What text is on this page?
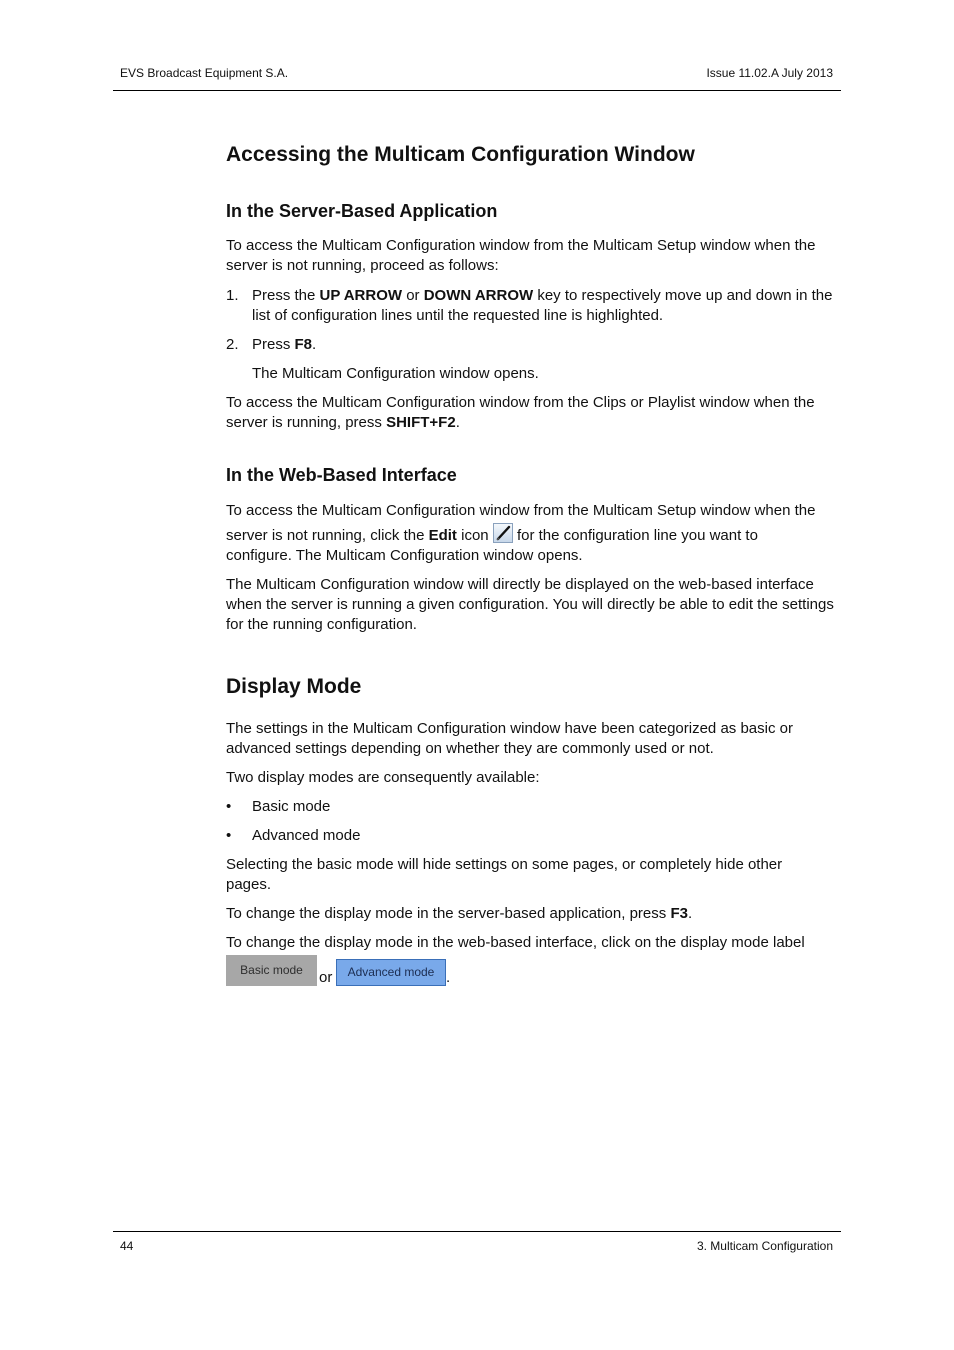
EVS Broadcast Equipment S.A.	Issue 11.02.A July 2013
Accessing the Multicam Configuration Window
In the Server-Based Application

To access the Multicam Configuration window from the Multicam Setup window when the server is not running, proceed as follows:

1. Press the UP ARROW or DOWN ARROW key to respectively move up and down in the list of configuration lines until the requested line is highlighted.

2. Press F8.

The Multicam Configuration window opens.

To access the Multicam Configuration window from the Clips or Playlist window when the server is running, press SHIFT+F2.

In the Web-Based Interface

To access the Multicam Configuration window from the Multicam Setup window when the

server is not running, click the Edit icon
for the configuration line you want to

configure. The Multicam Configuration window opens.

The Multicam Configuration window will directly be displayed on the web-based interface when the server is running a given configuration. You will directly be able to edit the settings for the running configuration.

Display Mode

The settings in the Multicam Configuration window have been categorized as basic or advanced settings depending on whether they are commonly used or not.

Two display modes are consequently available:

• Basic mode

• Advanced mode

Selecting the basic mode will hide settings on some pages, or completely hide other pages.

To change the display mode in the server-based application, press F3.

To change the display mode in the web-based interface, click on the display mode label

Basic mode	or	Advanced mode .
44	3. Multicam Configuration
